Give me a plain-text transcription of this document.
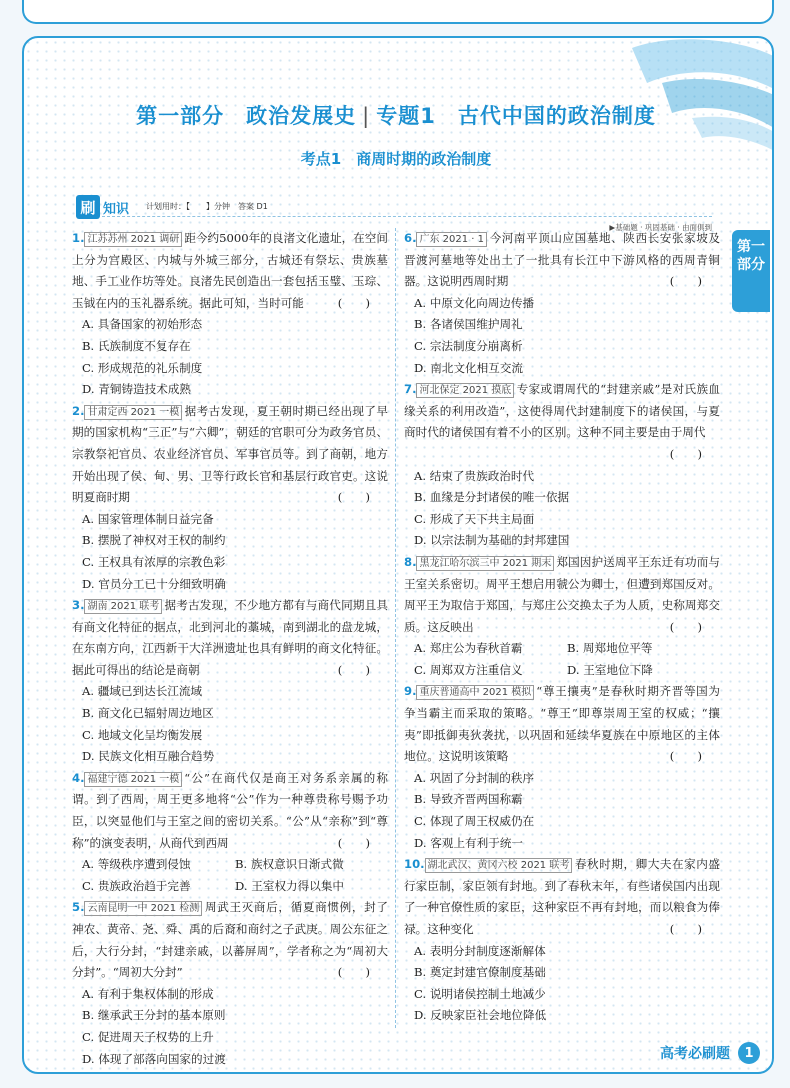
第一部分 政治发展史 | 专题1 古代中国的政治制度
考点1　商周时期的政治制度
刷 知识 计划用时：【　　】分钟　答案 D1
▶基础题 · 巩固基础 · 由面俱到
1. 江苏苏州 2021 调研 距今约5000年的良渚文化遗址，在空间上分为宫殿区、内城与外城三部分，古城还有祭坛、贵族墓地、手工业作坊等处。良渚先民创造出一套包括玉璧、玉琮、玉钺在内的玉礼器系统。据此可知，当时可能	(　　)
A. 具备国家的初始形态
B. 氏族制度不复存在
C. 形成规范的礼乐制度
D. 青铜铸造技术成熟
2. 甘肃定西 2021 一模 据考古发现，夏王朝时期已经出现了早期的国家机构“三正”与“六卿”，朝廷的官职可分为政务官员、宗教祭祀官员、农业经济官员、军事官员等。到了商朝，地方开始出现了侯、甸、男、卫等行政长官和基层行政官吏。这说明夏商时期	(　　)
A. 国家管理体制日益完备
B. 摆脱了神权对王权的制约
C. 王权具有浓厚的宗教色彩
D. 官员分工已十分细致明确
3. 湖南 2021 联考 据考古发现，不少地方都有与商代同期且具有商文化特征的据点，北到河北的藁城，南到湖北的盘龙城，在东南方向，江西新干大洋洲遗址也具有鲜明的商文化特征。据此可得出的结论是商朝	(　　)
A. 疆域已到达长江流域
B. 商文化已辐射周边地区
C. 地域文化呈均衡发展
D. 民族文化相互融合趋势
4. 福建宁德 2021 一模 “公”在商代仅是商王对务系亲属的称谓。到了西周，周王更多地将“公”作为一种尊贵称号赐予功臣，以突显他们与王室之间的密切关系。“公”从“亲称”到“尊称”的演变表明，从商代到西周	(　　)
A. 等级秩序遭到侵蚀	B. 族权意识日渐式微
C. 贵族政治趋于完善	D. 王室权力得以集中
5. 云南昆明一中 2021 检测 周武王灭商后，循夏商惯例，封了神农、黄帝、尧、舜、禹的后裔和商纣之子武庚。周公东征之后，大行分封，“封建亲戚，以蕃屏周”，学者称之为“周初大分封”。“周初大分封”	(　　)
A. 有利于集权体制的形成
B. 继承武王分封的基本原则
C. 促进周天子权势的上升
D. 体现了部落向国家的过渡
6. 广东 2021 · 1 今河南平顶山应国墓地、陕西长安张家坡及晋渡河墓地等处出土了一批具有长江中下游风格的西周青铜器。这说明西周时期	(　　)
A. 中原文化向周边传播
B. 各诸侯国维护周礼
C. 宗法制度分崩离析
D. 南北文化相互交流
7. 河北保定 2021 摸底 专家或谓周代的“封建亲戚”是对氏族血缘关系的利用改造”，这使得周代封建制度下的诸侯国，与夏商时代的诸侯国有着不小的区别。这种不同主要是由于周代
(　　)
A. 结束了贵族政治时代
B. 血缘是分封诸侯的唯一依据
C. 形成了天下共主局面
D. 以宗法制为基础的封邦建国
8. 黑龙江哈尔滨三中 2021 期末 郑国因护送周平王东迁有功而与王室关系密切。周平王想启用虢公为卿士，但遭到郑国反对。周平王为取信于郑国，与郑庄公交换太子为人质，史称周郑交质。这反映出	(　　)
A. 郑庄公为春秋首霸	B. 周郑地位平等
C. 周郑双方注重信义	D. 王室地位下降
9. 重庆普通高中 2021 模拟 “尊王攘夷”是春秋时期齐晋等国为争当霸主而采取的策略。“尊王”即尊崇周王室的权威；“攘夷”即抵御夷狄袭扰，以巩固和延续华夏族在中原地区的主体地位。这说明该策略	(　　)
A. 巩固了分封制的秩序
B. 导致齐晋两国称霸
C. 体现了周王权威仍在
D. 客观上有利于统一
10. 湖北武汉、黄冈六校 2021 联考 春秋时期，卿大夫在家内盛行家臣制，家臣领有封地。到了春秋末年，有些诸侯国内出现了一种官僚性质的家臣，这种家臣不再有封地，而以粮食为俸禄。这种变化	(　　)
A. 表明分封制度逐渐解体
B. 奠定封建官僚制度基础
C. 说明诸侯控制土地减少
D. 反映家臣社会地位降低
第一
部分
高考必刷题	1
